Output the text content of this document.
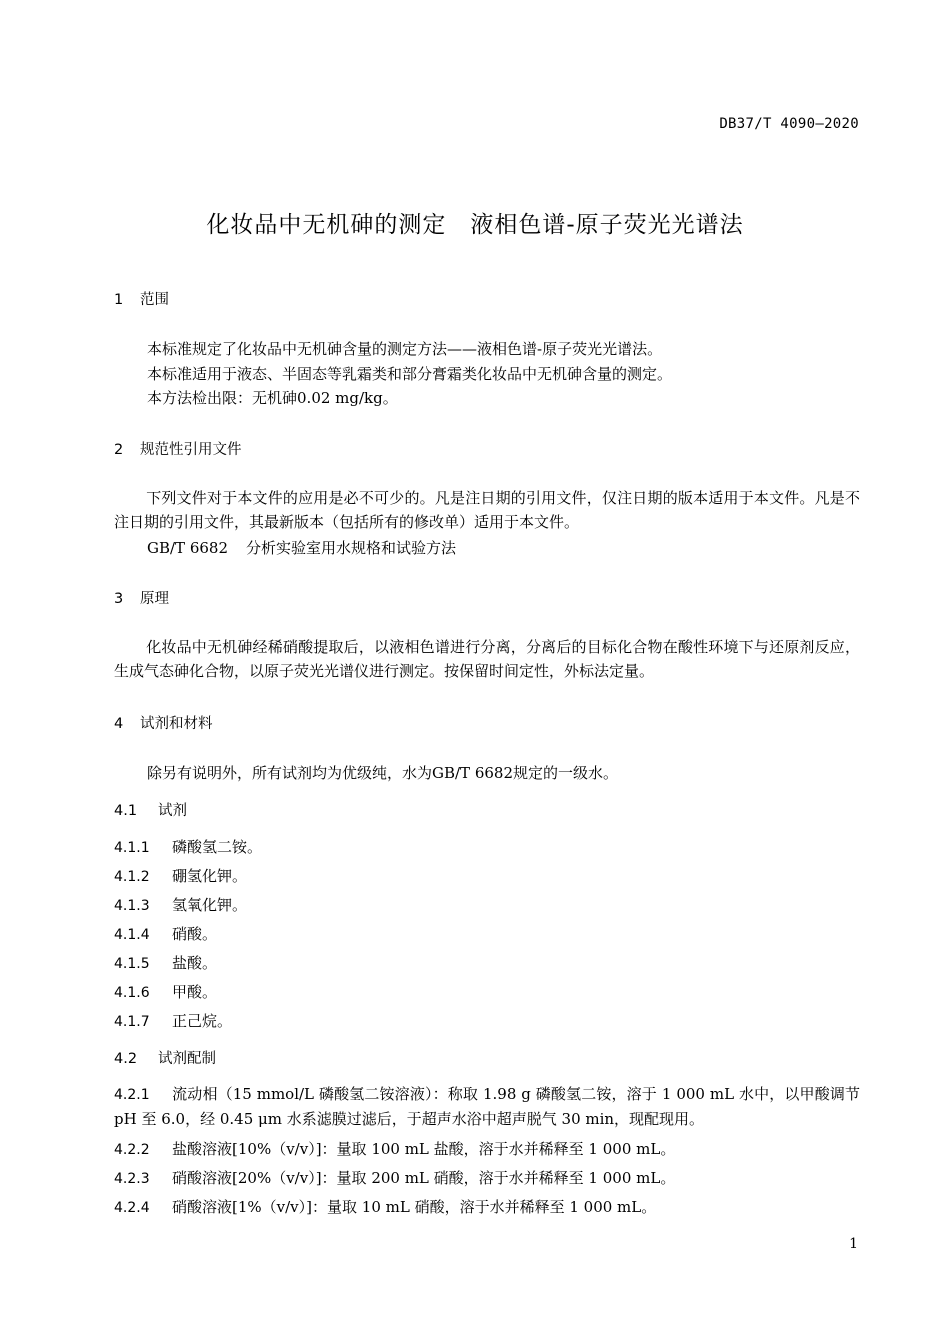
DB37/T 4090—2020
化妆品中无机砷的测定　液相色谱-原子荧光光谱法
1 范围
本标准规定了化妆品中无机砷含量的测定方法——液相色谱-原子荧光光谱法。
本标准适用于液态、半固态等乳霜类和部分膏霜类化妆品中无机砷含量的测定。
本方法检出限：无机砷0.02 mg/kg。
2 规范性引用文件
下列文件对于本文件的应用是必不可少的。凡是注日期的引用文件，仅注日期的版本适用于本文件。凡是不注日期的引用文件，其最新版本（包括所有的修改单）适用于本文件。
GB/T 6682 分析实验室用水规格和试验方法
3 原理
化妆品中无机砷经稀硝酸提取后，以液相色谱进行分离，分离后的目标化合物在酸性环境下与还原剂反应，生成气态砷化合物，以原子荧光光谱仪进行测定。按保留时间定性，外标法定量。
4 试剂和材料
除另有说明外，所有试剂均为优级纯，水为GB/T 6682规定的一级水。
4.1 试剂
4.1.1 磷酸氢二铵。
4.1.2 硼氢化钾。
4.1.3 氢氧化钾。
4.1.4 硝酸。
4.1.5 盐酸。
4.1.6 甲酸。
4.1.7 正己烷。
4.2 试剂配制
4.2.1 流动相（15 mmol/L 磷酸氢二铵溶液）：称取 1.98 g 磷酸氢二铵，溶于 1 000 mL 水中，以甲酸调节 pH 至 6.0，经 0.45 μm 水系滤膜过滤后，于超声水浴中超声脱气 30 min，现配现用。
4.2.2 盐酸溶液[10%（v/v）]：量取 100 mL 盐酸，溶于水并稀释至 1 000 mL。
4.2.3 硝酸溶液[20%（v/v）]：量取 200 mL 硝酸，溶于水并稀释至 1 000 mL。
4.2.4 硝酸溶液[1%（v/v）]：量取 10 mL 硝酸，溶于水并稀释至 1 000 mL。
1
